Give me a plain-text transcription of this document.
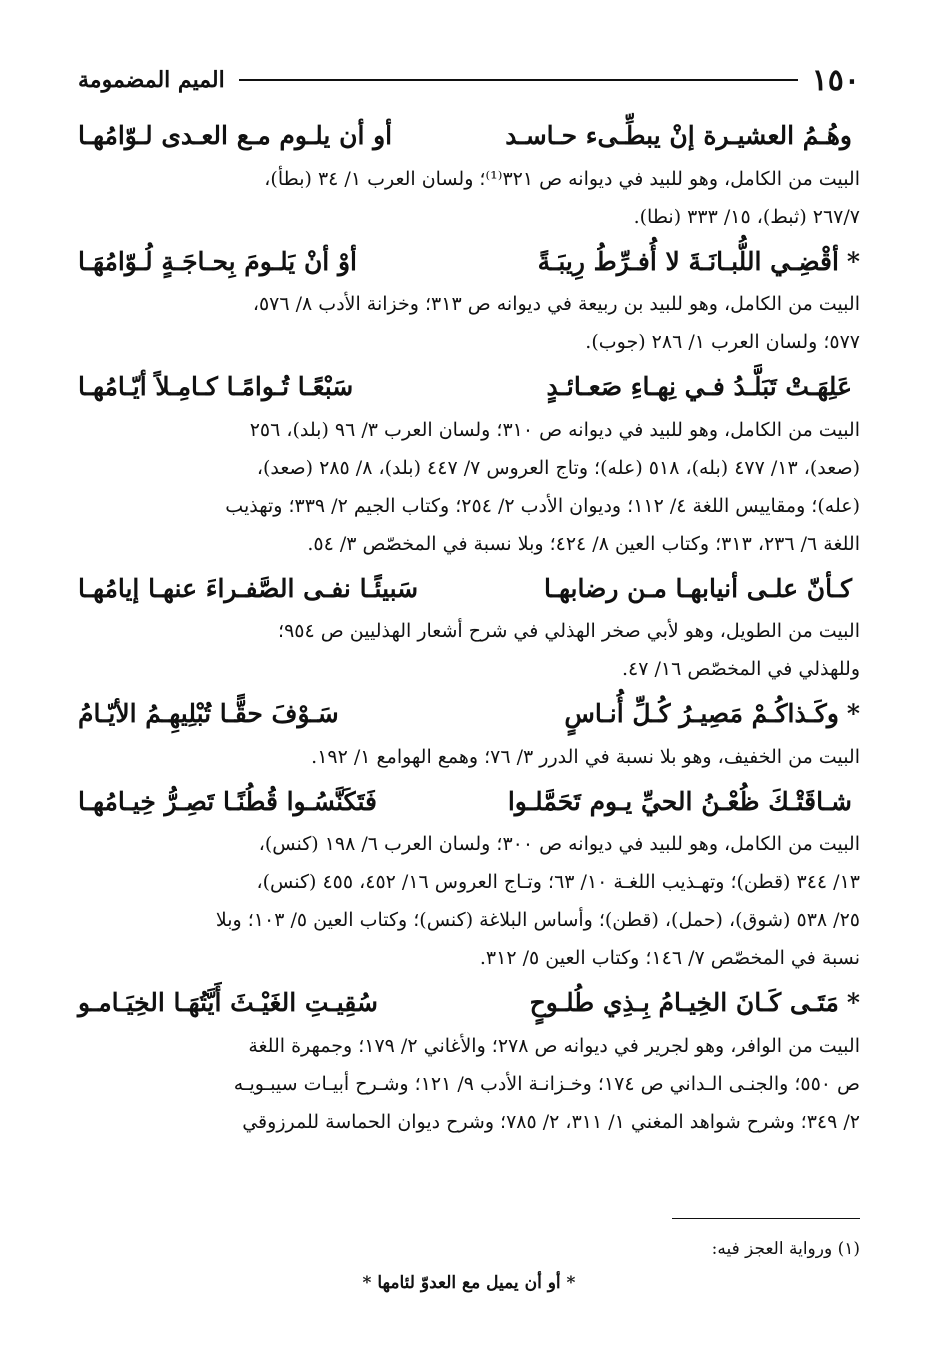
١٥٠
الميم المضمومة
وهُـمُ العشيـرة إنْ يبطِّـىء حـاسـد
أو أن يلـوم مـع العـدى لـوّامُهـا
البيت من الكامل، وهو للبيد في ديوانه ص ٣٢١⁽¹⁾؛ ولسان العرب ١/ ٣٤ (بطأ)،
٢٦٧/٧ (ثبط)، ١٥/ ٣٣٣ (نطا).
*أقْضِـي اللُّبـانَـةَ لا أُفـرِّطُ رِيبَـةً
أوْ أنْ يَلـومَ بِحـاجَـةٍ لُـوّامُهَـا
البيت من الكامل، وهو للبيد بن ربيعة في ديوانه ص ٣١٣؛ وخزانة الأدب ٨/ ٥٧٦،
٥٧٧؛ ولسان العرب ١/ ٢٨٦ (جوب).
عَلِهَـتْ تَبَلَّـدُ فـي نِهـاءِ صَعـائـدٍ
سَبْعًـا تُـوامًـا كـامِـلاً أيّـامُهـا
البيت من الكامل، وهو للبيد في ديوانه ص ٣١٠؛ ولسان العرب ٣/ ٩٦ (بلد)، ٢٥٦
(صعد)، ١٣/ ٤٧٧ (بله)، ٥١٨ (عله)؛ وتاج العروس ٧/ ٤٤٧ (بلد)، ٨/ ٢٨٥ (صعد)،
(عله)؛ ومقاييس اللغة ٤/ ١١٢؛ وديوان الأدب ٢/ ٢٥٤؛ وكتاب الجيم ٢/ ٣٣٩؛ وتهذيب
اللغة ٦/ ٢٣٦، ٣١٣؛ وكتاب العين ٨/ ٤٢٤؛ وبلا نسبة في المخصّص ٣/ ٥٤.
كـأنّ علـى أنيابهـا مـن رضابهـا
سَبيئًـا نفـى الصَّفـراءَ عنهـا إيامُهـا
البيت من الطويل، وهو لأبي صخر الهذلي في شرح أشعار الهذليين ص ٩٥٤؛
وللهذلي في المخصّص ١٦/ ٤٧.
*وكَـذاكُـمْ مَصِيـرُ كُـلِّ أُنـاسٍ
سَـوْفَ حقًّـا تُبْلِيهِـمُ الأيّـامُ
البيت من الخفيف، وهو بلا نسبة في الدرر ٣/ ٧٦؛ وهمع الهوامع ١/ ١٩٢.
شـاقَتْـكَ ظُعْـنُ الحيِّ يـوم تَحَمَّلـوا
فَتَكَنَّسُـوا قُطُنًـا تَصِـرُّ خِيـامُهـا
البيت من الكامل، وهو للبيد في ديوانه ص ٣٠٠؛ ولسان العرب ٦/ ١٩٨ (كنس)،
١٣/ ٣٤٤ (قطن)؛ وتهـذيب اللغـة ١٠/ ٦٣؛ وتـاج العروس ١٦/ ٤٥٢، ٤٥٥ (كنس)،
٢٥/ ٥٣٨ (شوق)، (حمل)، (قطن)؛ وأساس البلاغة (كنس)؛ وكتاب العين ٥/ ١٠٣؛ وبلا
نسبة في المخصّص ٧/ ١٤٦؛ وكتاب العين ٥/ ٣١٢.
*مَتَـى كَـانَ الخِيـامُ بِـذِي طُلـوحٍ
سُقِيـتِ الغَيْـثَ أَيَّتُهَـا الخِيَـامـو
البيت من الوافر، وهو لجرير في ديوانه ص ٢٧٨؛ والأغاني ٢/ ١٧٩؛ وجمهرة اللغة
ص ٥٥٠؛ والجنـى الـداني ص ١٧٤؛ وخـزانـة الأدب ٩/ ١٢١؛ وشـرح أبيـات سيبـويـه
٢/ ٣٤٩؛ وشرح شواهد المغني ١/ ٣١١، ٢/ ٧٨٥؛ وشرح ديوان الحماسة للمرزوقي
(١) ورواية العجز فيه:
* أو أن يميل مع العدوّ لئامها *
